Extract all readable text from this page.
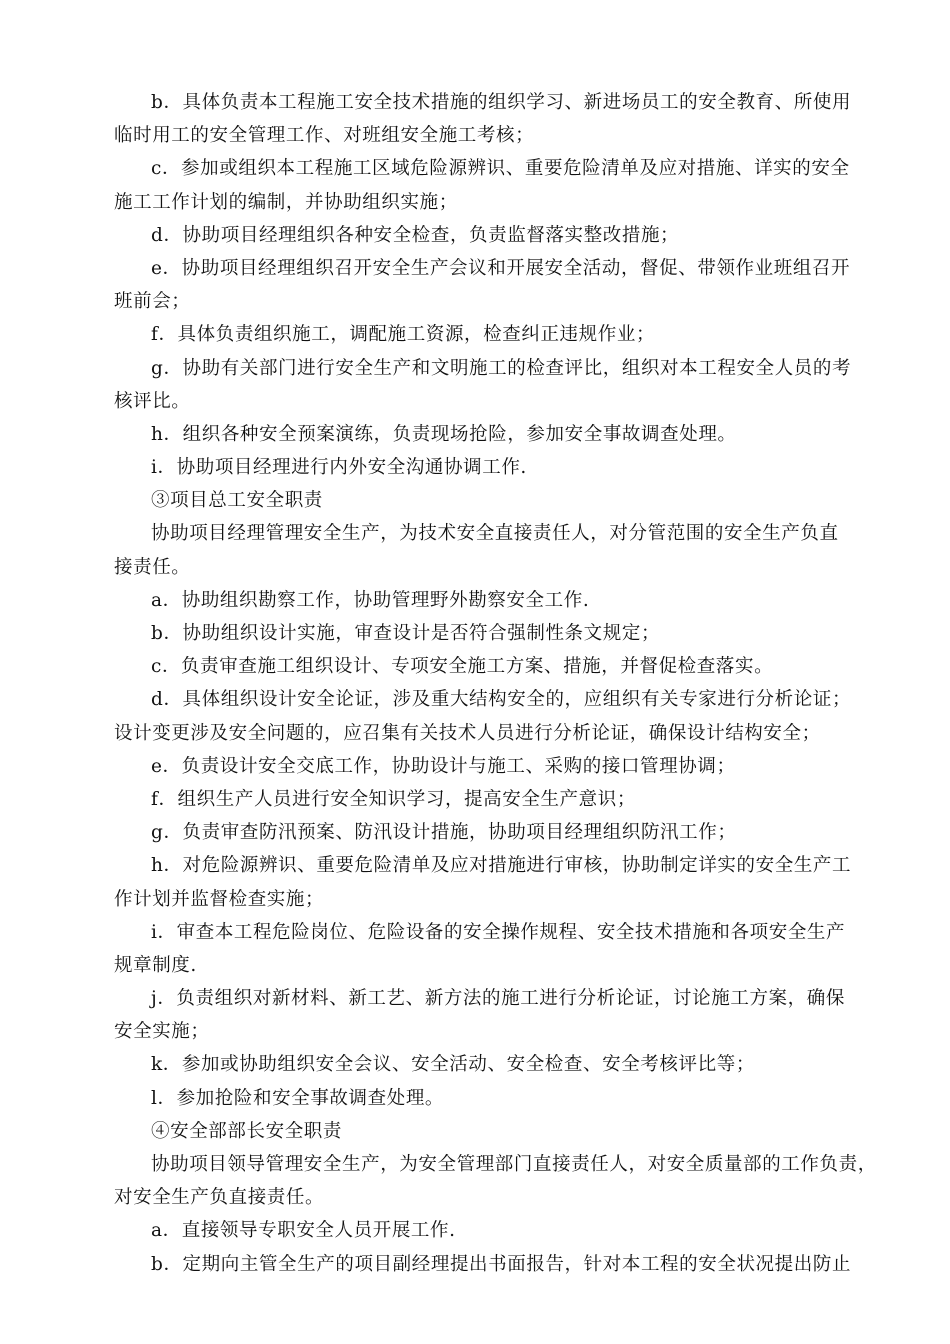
b．具体负责本工程施工安全技术措施的组织学习、新进场员工的安全教育、所使用
临时用工的安全管理工作、对班组安全施工考核；
c．参加或组织本工程施工区域危险源辨识、重要危险清单及应对措施、详实的安全
施工工作计划的编制，并协助组织实施；
d．协助项目经理组织各种安全检查，负责监督落实整改措施；
e．协助项目经理组织召开安全生产会议和开展安全活动，督促、带领作业班组召开
班前会；
f．具体负责组织施工，调配施工资源，检查纠正违规作业；
g．协助有关部门进行安全生产和文明施工的检查评比，组织对本工程安全人员的考
核评比。
h．组织各种安全预案演练，负责现场抢险，参加安全事故调查处理。
i．协助项目经理进行内外安全沟通协调工作.
③项目总工安全职责
协助项目经理管理安全生产，为技术安全直接责任人，对分管范围的安全生产负直
接责任。
a．协助组织勘察工作，协助管理野外勘察安全工作.
b．协助组织设计实施，审查设计是否符合强制性条文规定；
c．负责审查施工组织设计、专项安全施工方案、措施，并督促检查落实。
d．具体组织设计安全论证，涉及重大结构安全的，应组织有关专家进行分析论证；
设计变更涉及安全问题的，应召集有关技术人员进行分析论证，确保设计结构安全；
e．负责设计安全交底工作，协助设计与施工、采购的接口管理协调；
f．组织生产人员进行安全知识学习，提高安全生产意识；
g．负责审查防汛预案、防汛设计措施，协助项目经理组织防汛工作；
h．对危险源辨识、重要危险清单及应对措施进行审核，协助制定详实的安全生产工
作计划并监督检查实施；
i．审查本工程危险岗位、危险设备的安全操作规程、安全技术措施和各项安全生产
规章制度.
j．负责组织对新材料、新工艺、新方法的施工进行分析论证，讨论施工方案，确保
安全实施；
k．参加或协助组织安全会议、安全活动、安全检查、安全考核评比等；
l．参加抢险和安全事故调查处理。
④安全部部长安全职责
协助项目领导管理安全生产，为安全管理部门直接责任人，对安全质量部的工作负责，
对安全生产负直接责任。
a．直接领导专职安全人员开展工作.
b．定期向主管全生产的项目副经理提出书面报告，针对本工程的安全状况提出防止
